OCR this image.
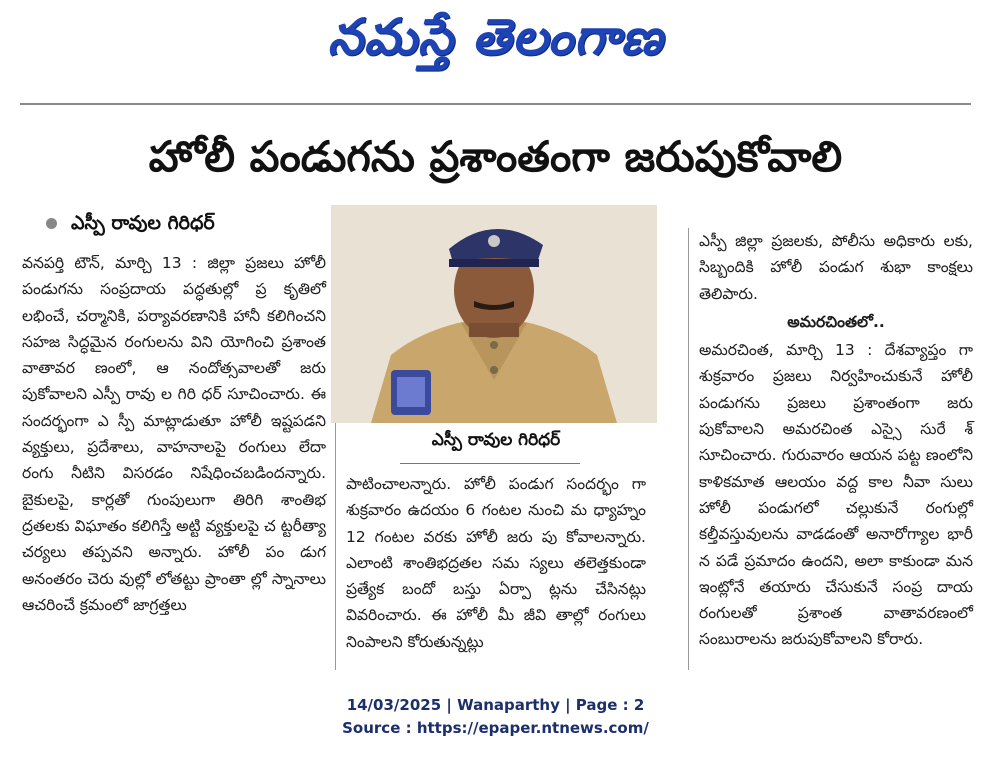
నమస్తే తెలంగాణ
హోలీ పండుగను ప్రశాంతంగా జరుపుకోవాలి
ఎస్పీ రావుల గిరిధర్
వనపర్తి టౌన్, మార్చి 13 : జిల్లా ప్రజలు హోలీ పండుగను సంప్రదాయ పద్ధతుల్లో ప్ర కృతిలో లభించే, చర్మానికి, పర్యావరణానికి హానీ కలిగించని సహజ సిద్ధమైన రంగులను విని యోగించి ప్రశాంత వాతావర ణంలో, ఆ నందోత్సవాలతో జరు పుకోవాలని ఎస్పీ రావు ల గిరి ధర్ సూచించారు. ఈ సందర్భంగా ఎ స్పీ మాట్లాడుతూ హోలీ ఇష్టపడని వ్యక్తులు, ప్రదేశాలు, వాహనాలపై రంగులు లేదా రంగు నీటిని విసరడం నిషేధించబడిందన్నారు. బైకులపై, కార్లతో గుంపులుగా తిరిగి శాంతిభ ద్రతలకు విఘాతం కలిగిస్తే అట్టి వ్యక్తులపై చ ట్టరీత్యా చర్యలు తప్పవని అన్నారు. హోలీ పం డుగ అనంతరం చెరు వుల్లో లోతట్టు ప్రాంతా ల్లో స్నానాలు ఆచరించే క్రమంలో జాగ్రత్తలు
ఎస్పీ రావుల గిరిధర్
పాటించాలన్నారు. హోలీ పండుగ సందర్భం గా శుక్రవారం ఉదయం 6 గంటల నుంచి మ ధ్యాహ్నం 12 గంటల వరకు హోలీ జరు పు కోవాలన్నారు. ఎలాంటి శాంతిభద్రతల సమ స్యలు తలెత్తకుండా ప్రత్యేక బందో బస్తు ఏర్పా ట్లను చేసినట్లు వివరించారు. ఈ హోలీ మీ జీవి తాల్లో రంగులు నింపాలని కోరుతున్నట్లు
ఎస్పీ జిల్లా ప్రజలకు, పోలీసు అధికారు లకు, సిబ్బందికి హోలీ పండుగ శుభా కాంక్షలు తెలిపారు.
అమరచింతలో..
అమరచింత, మార్చి 13 : దేశవ్యాప్తం గా శుక్రవారం ప్రజలు నిర్వహించుకునే హోలీ పండుగను ప్రజలు ప్రశాంతంగా జరు పుకోవాలని అమరచింత ఎస్సై సురే శ్ సూచించారు. గురువారం ఆయన పట్ట ణంలోని కాళికమాత ఆలయం వద్ద కాల నీవా సులు హోలీ పండుగలో చల్లుకునే రంగుల్లో కల్తీవస్తువులను వాడడంతో అనారోగ్యాల భారీ న పడే ప్రమాదం ఉందని, అలా కాకుండా మన ఇంట్లోనే తయారు చేసుకునే సంప్ర దాయ రంగులతో ప్రశాంత వాతావరణంలో సంబురాలను జరుపుకోవాలని కోరారు.
14/03/2025 | Wanaparthy | Page : 2
Source : https://epaper.ntnews.com/
